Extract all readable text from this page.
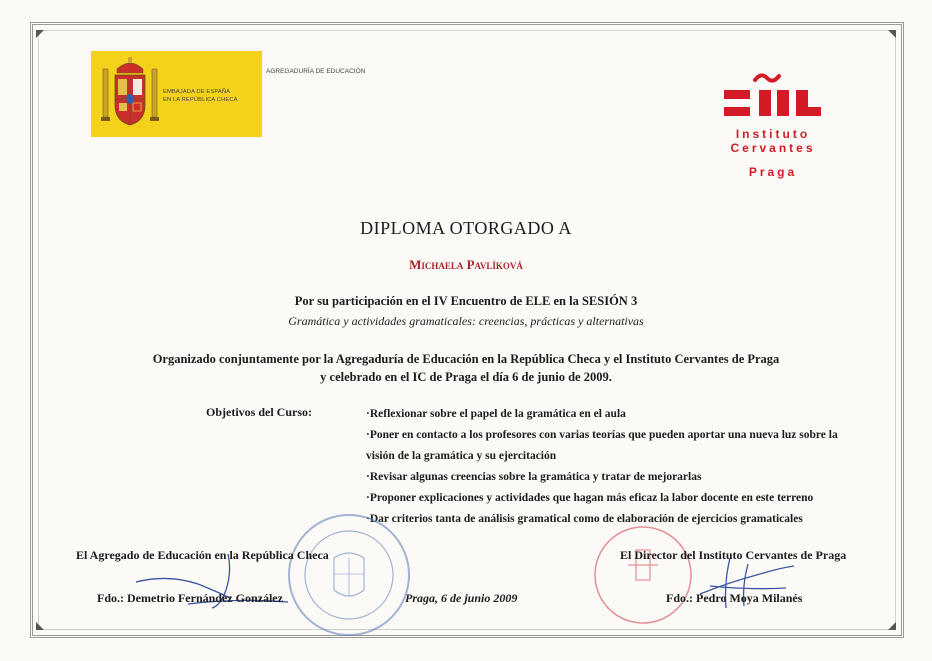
EMBAJADA DE ESPAÑA
EN LA REPÚBLICA CHECA
AGREGADURÍA DE EDUCACIÓN
Instituto
Cervantes
Praga
DIPLOMA OTORGADO A
Michaela Pavlíková
Por su participación en el IV Encuentro de ELE en la SESIÓN 3
Gramática y actividades gramaticales: creencias, prácticas y alternativas
Organizado conjuntamente por la Agregaduría de Educación en la República Checa y el Instituto Cervantes de Praga
y celebrado en el IC de Praga el día 6 de junio de 2009.
Objetivos del Curso:	·Reflexionar sobre el papel de la gramática en el aula
·Poner en contacto a los profesores con varias teorías que pueden aportar una nueva luz sobre la
visión de la gramática y su ejercitación
·Revisar algunas creencias sobre la gramática y tratar de mejorarlas
·Proponer explicaciones y actividades que hagan más eficaz la labor docente en este terreno
·Dar criterios tanta de análisis gramatical como de elaboración de ejercicios gramaticales
El Agregado de Educación en la República Checa
Fdo.: Demetrio Fernández González	Praga, 6 de junio 2009
El Director del Instituto Cervantes de Praga
Fdo.: Pedro Moya Milanés
